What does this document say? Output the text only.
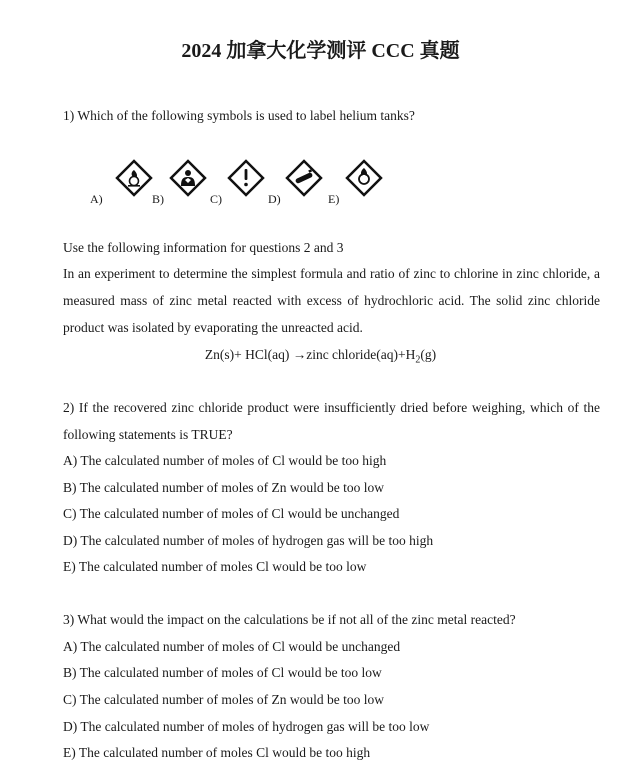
2024 加拿大化学测评 CCC 真题
1) Which of the following symbols is used to label helium tanks?
A)	B)	C)	D)	E)
Use the following information for questions 2 and 3
In an experiment to determine the simplest formula and ratio of zinc to chlorine in zinc chloride, a
measured mass of zinc metal reacted with excess of hydrochloric acid. The solid zinc chloride
product was isolated by evaporating the unreacted acid.
Zn(s)+ HCl(aq) →zinc $chloride(aq)+H_2(g)$
2) If the recovered zinc chloride product were insufficiently dried before weighing, which of the
following statements is TRUE?
A) The calculated number of moles of Cl would be too high
B) The calculated number of moles of Zn would be too low
C) The calculated number of moles of Cl would be unchanged
D) The calculated number of moles of hydrogen gas will be too high
E) The calculated number of moles Cl would be too low
3) What would the impact on the calculations be if not all of the zinc metal reacted?
A) The calculated number of moles of Cl would be unchanged
B) The calculated number of moles of Cl would be too low
C) The calculated number of moles of Zn would be too low
D) The calculated number of moles of hydrogen gas will be too low
E) The calculated number of moles Cl would be too high
